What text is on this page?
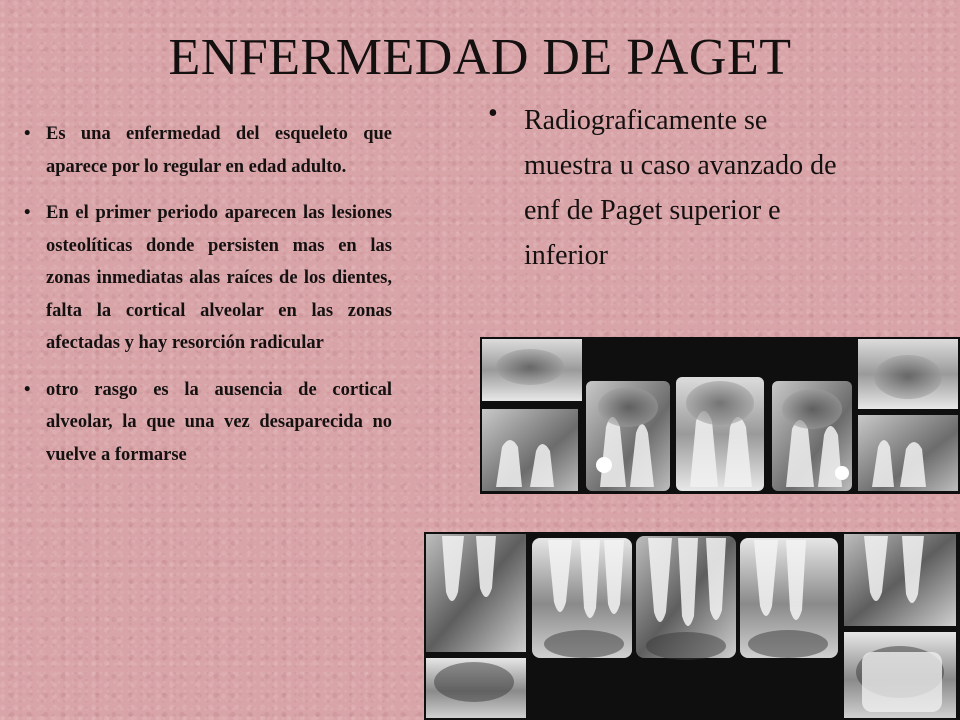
ENFERMEDAD DE PAGET
• Es una enfermedad del esqueleto que aparece por lo regular en edad adulto.
• En el primer periodo aparecen las lesiones osteolíticas donde persisten mas en las zonas inmediatas alas raíces de los dientes, falta la cortical alveolar en las zonas afectadas y hay resorción radicular
• otro rasgo es la ausencia de cortical alveolar, la que una vez desaparecida no vuelve a formarse
• Radiograficamente se muestra u caso avanzado de enf de Paget superior e inferior
